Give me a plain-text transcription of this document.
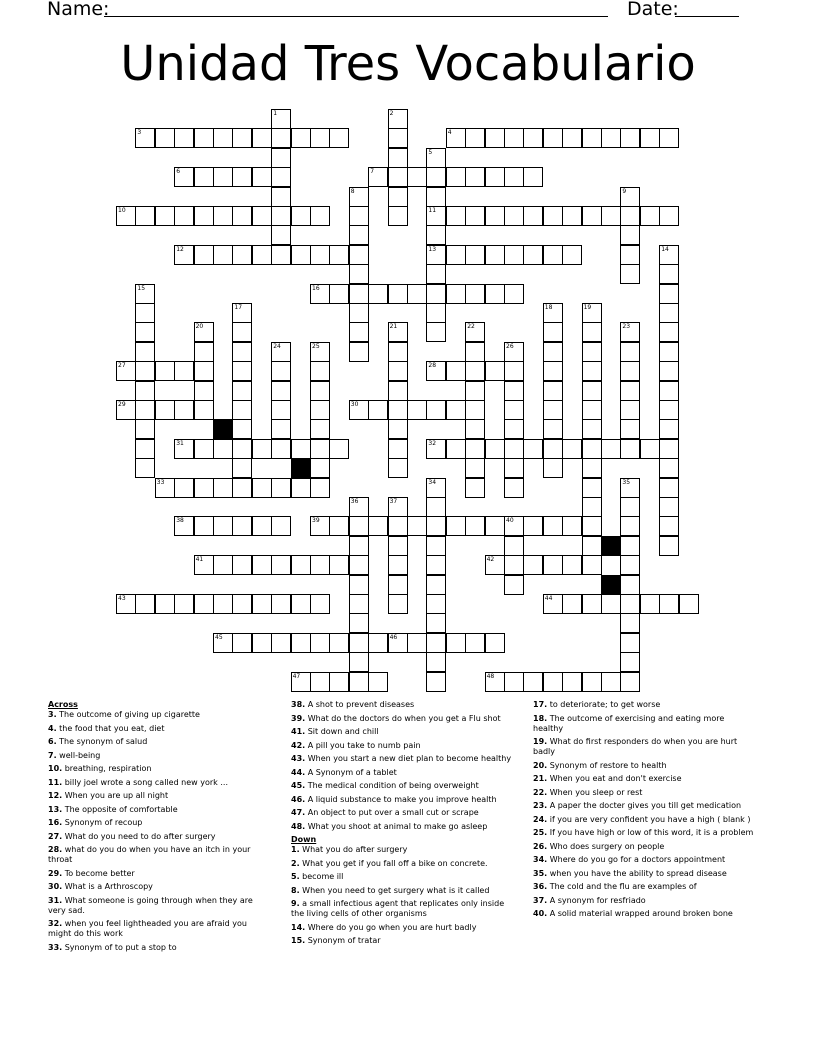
Name:	Date:
Unidad Tres Vocabulario
1	2
3	4
5
6	7
8	9
10	11
12	13	14
15	16
17	18	19
20	21	22	23
24	25	26
27	28
29	30
31	32
33	34	35
36	37
38	39	40
41	42
43	44
45	46
47	48
Across
3. The outcome of giving up cigarette
4. the food that you eat, diet
6. The synonym of salud
7. well-being
10. breathing, respiration
11. billy joel wrote a song called new york ...
12. When you are up all night
13. The opposite of comfortable
16. Synonym of recoup
27. What do you need to do after surgery
28. what do you do when you have an itch in your throat
29. To become better
30. What is a Arthroscopy
31. What someone is going through when they are very sad.
32. when you feel lightheaded you are afraid you might do this work
33. Synonym of to put a stop to
38. A shot to prevent diseases
39. What do the doctors do when you get a Flu shot
41. Sit down and chill
42. A pill you take to numb pain
43. When you start a new diet plan to become healthy
44. A Synonym of a tablet
45. The medical condition of being overweight
46. A liquid substance to make you improve health
47. An object to put over a small cut or scrape
48. What you shoot at animal to make go asleep
Down
1. What you do after surgery
2. What you get if you fall off a bike on concrete.
5. become ill
8. When you need to get surgery what is it called
9. a small infectious agent that replicates only inside the living cells of other organisms
14. Where do you go when you are hurt badly
15. Synonym of tratar
17. to deteriorate; to get worse
18. The outcome of exercising and eating more healthy
19. What do first responders do when you are hurt badly
20. Synonym of restore to health
21. When you eat and don't exercise
22. When you sleep or rest
23. A paper the docter gives you till get medication
24. if you are very confident you have a high ( blank )
25. If you have high or low of this word, it is a problem
26. Who does surgery on people
34. Where do you go for a doctors appointment
35. when you have the ability to spread disease
36. The cold and the flu are examples of
37. A synonym for resfriado
40. A solid material wrapped around broken bone
